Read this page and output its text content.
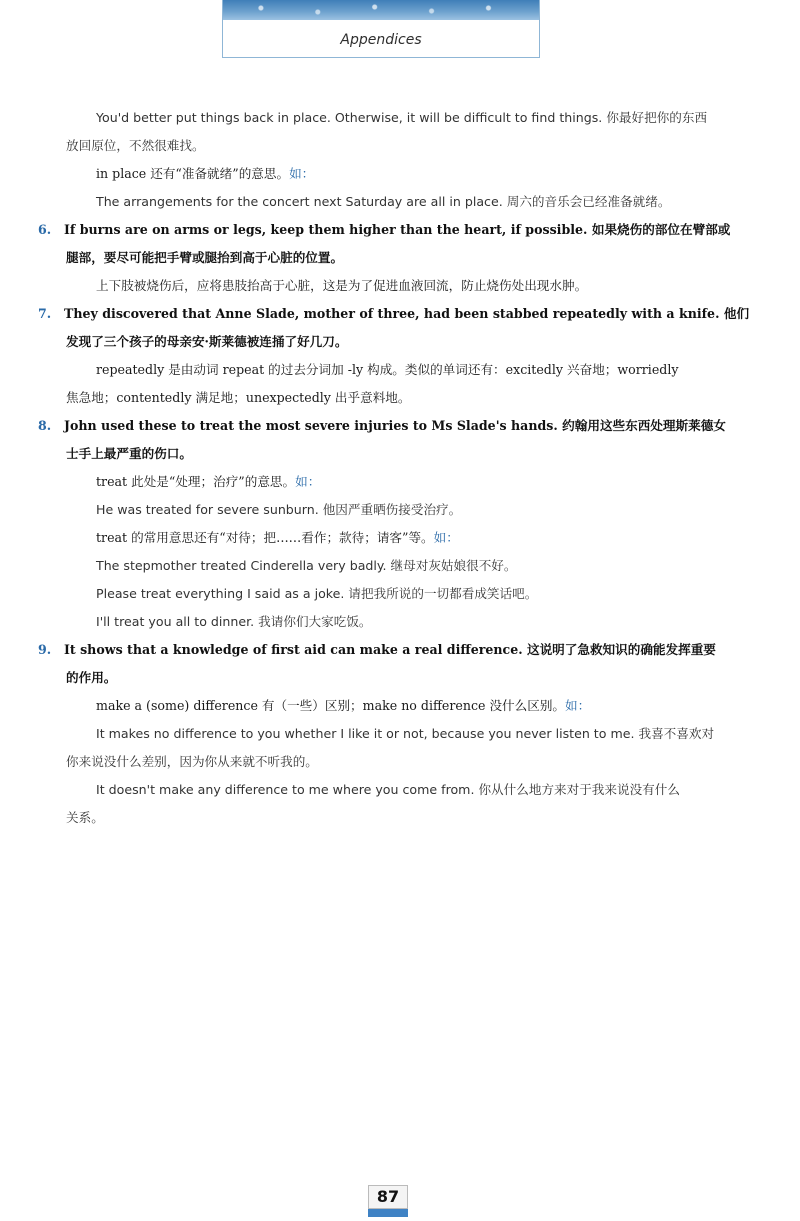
Appendices
You'd better put things back in place. Otherwise, it will be difficult to find things. 你最好把你的东西
放回原位，不然很难找。
in place 还有“准备就绪”的意思。如：
The arrangements for the concert next Saturday are all in place. 周六的音乐会已经准备就绪。
6. If burns are on arms or legs, keep them higher than the heart, if possible. 如果烧伤的部位在臂部或
腿部，要尽可能把手臂或腿抬到高于心脏的位置。
上下肢被烧伤后，应将患肢抬高于心脏，这是为了促进血液回流，防止烧伤处出现水肿。
7. They discovered that Anne Slade, mother of three, had been stabbed repeatedly with a knife. 他们
发现了三个孩子的母亲安·斯莱德被连捅了好几刀。
repeatedly 是由动词 repeat 的过去分词加 -ly 构成。类似的单词还有：excitedly 兴奋地；worriedly
焦急地；contentedly 满足地；unexpectedly 出乎意料地。
8. John used these to treat the most severe injuries to Ms Slade's hands. 约翰用这些东西处理斯莱德女
士手上最严重的伤口。
treat 此处是“处理；治疗”的意思。如：
He was treated for severe sunburn. 他因严重晒伤接受治疗。
treat 的常用意思还有“对待；把……看作；款待；请客”等。如：
The stepmother treated Cinderella very badly. 继母对灰姑娘很不好。
Please treat everything I said as a joke. 请把我所说的一切都看成笑话吧。
I'll treat you all to dinner. 我请你们大家吃饭。
9. It shows that a knowledge of first aid can make a real difference. 这说明了急救知识的确能发挥重要
的作用。
make a (some) difference 有（一些）区别；make no difference 没什么区别。如：
It makes no difference to you whether I like it or not, because you never listen to me. 我喜不喜欢对
你来说没什么差别，因为你从来就不听我的。
It doesn't make any difference to me where you come from. 你从什么地方来对于我来说没有什么
关系。
87
